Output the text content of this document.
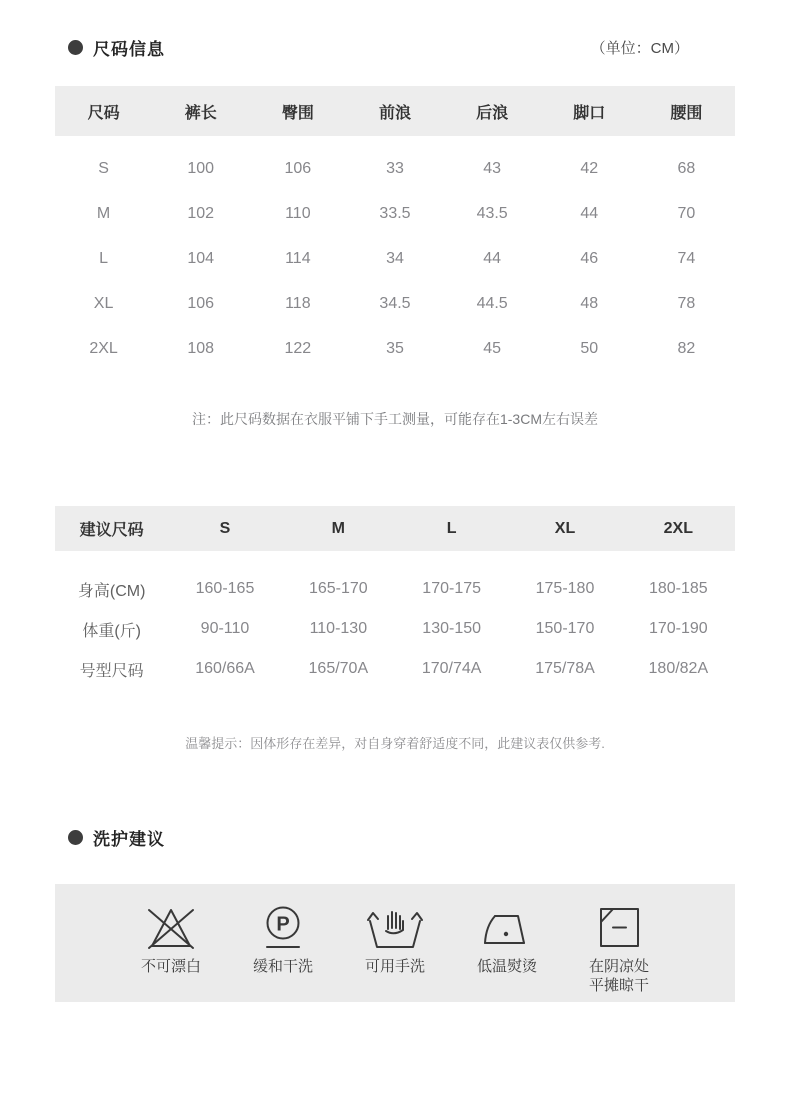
尺码信息	（单位：CM）
尺码	裤长	臀围	前浪	后浪	脚口	腰围
S	100	106	33	43	42	68
M	102	110	33.5	43.5	44	70
L	104	114	34	44	46	74
XL	106	118	34.5	44.5	48	78
2XL	108	122	35	45	50	82
注：此尺码数据在衣服平铺下手工测量，可能存在1-3CM左右误差
建议尺码	S	M	L	XL	2XL
身高(CM)	160-165	165-170	170-175	175-180	180-185
体重(斤)	90-110	110-130	130-150	150-170	170-190
号型尺码	160/66A	165/70A	170/74A	175/78A	180/82A
温馨提示：因体形存在差异，对自身穿着舒适度不同，此建议表仅供参考.
洗护建议
不可漂白
P
缓和干洗	可用手洗	低温熨烫	在阴凉处
平摊晾干
